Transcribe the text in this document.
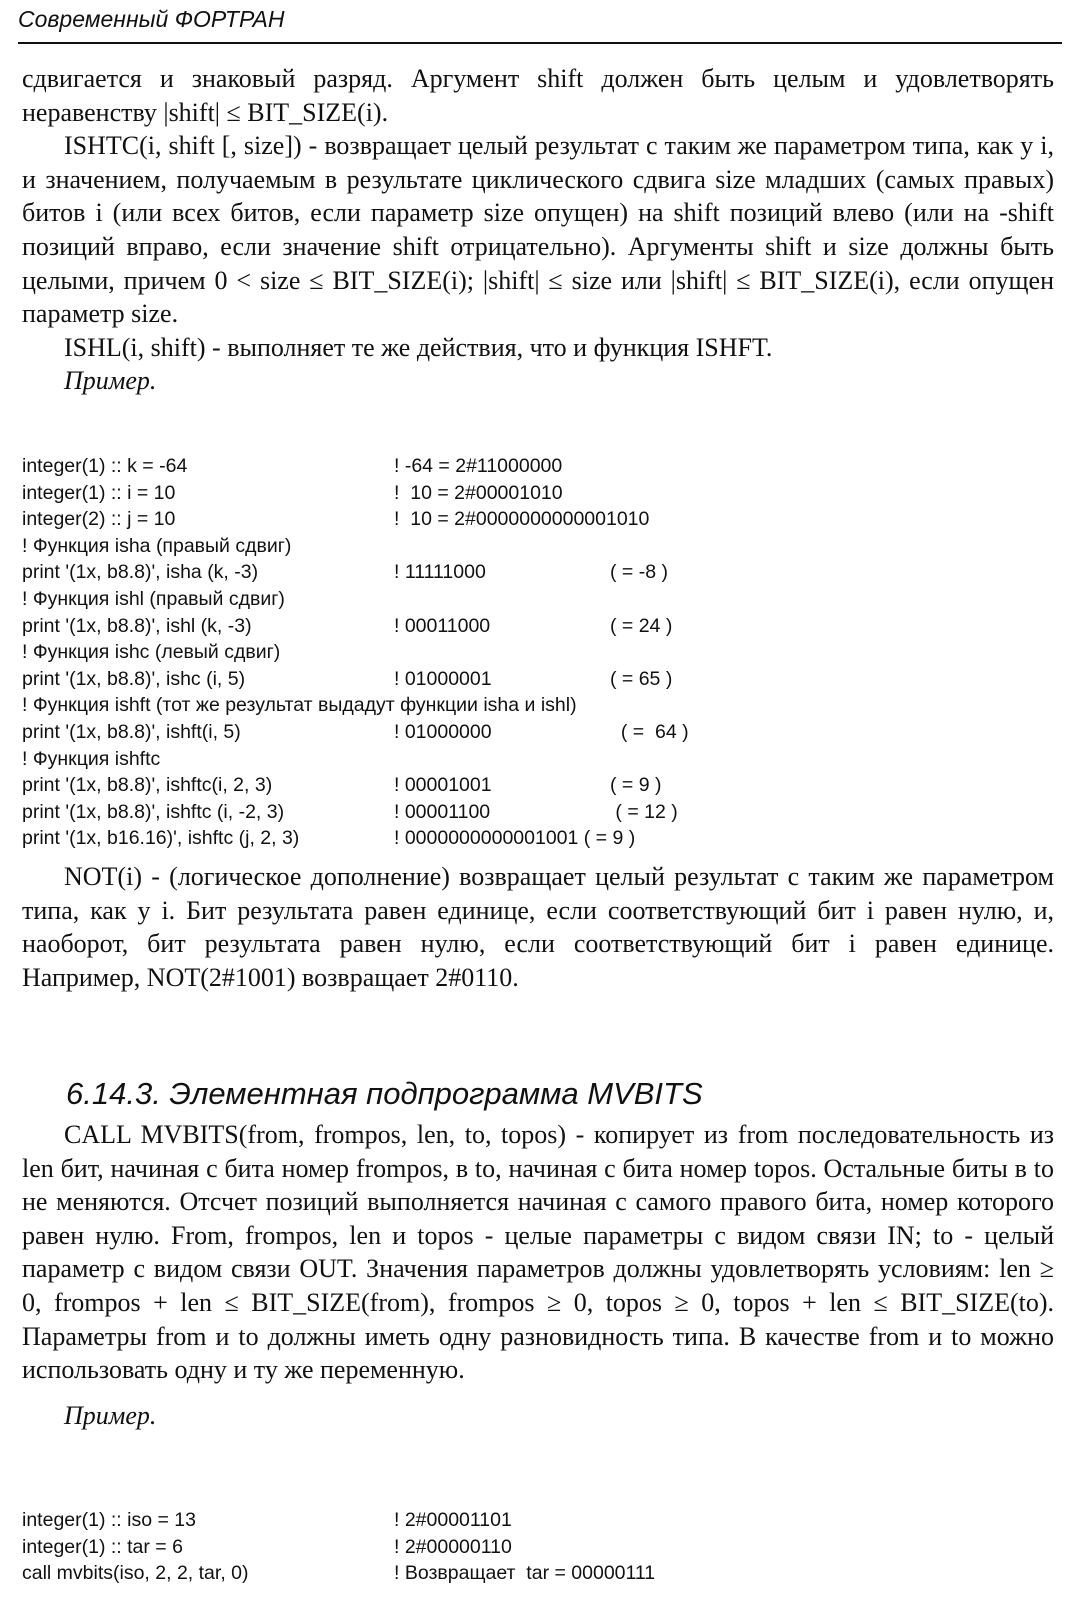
Современный ФОРТРАН

сдвигается и знаковый разряд. Аргумент shift должен быть целым и удовлетворять неравенству |shift| ≤ BIT_SIZE(i).

ISHTC(i, shift [, size]) - возвращает целый результат с таким же параметром типа, как у i, и значением, получаемым в результате циклического сдвига size младших (самых правых) битов i (или всех битов, если параметр size опущен) на shift позиций влево (или на -shift позиций вправо, если значение shift отрицательно). Аргументы shift и size должны быть целыми, причем 0 < size ≤ BIT_SIZE(i); |shift| ≤ size или |shift| ≤ BIT_SIZE(i), если опущен параметр size.

ISHL(i, shift) - выполняет те же действия, что и функция ISHFT.

Пример.

integer(1) :: k = -64	! -64 = 2#11000000
integer(1) :: i = 10	!  10 = 2#00001010
integer(2) :: j = 10	!  10 = 2#0000000000001010
! Функция isha (правый сдвиг)
print '(1x, b8.8)', isha (k, -3)	! 11111000	( = -8 )
! Функция ishl (правый сдвиг)
print '(1x, b8.8)', ishl (k, -3)	! 00011000	( = 24 )
! Функция ishc (левый сдвиг)
print '(1x, b8.8)', ishc (i, 5)	! 01000001	( = 65 )
! Функция ishft (тот же результат выдадут функции isha и ishl)
print '(1x, b8.8)', ishft(i, 5)	! 01000000	( =  64 )
! Функция ishftc
print '(1x, b8.8)', ishftc(i, 2, 3)	! 00001001	( = 9 )
print '(1x, b8.8)', ishftc (i, -2, 3)	! 00001100	( = 12 )
print '(1x, b16.16)', ishftc (j, 2, 3)	! 0000000000001001 ( = 9 )

NOT(i) - (логическое дополнение) возвращает целый результат с таким же параметром типа, как у i. Бит результата равен единице, если соответствующий бит i равен нулю, и, наоборот, бит результата равен нулю, если соответствующий бит i равен единице. Например, NOT(2#1001) возвращает 2#0110.

6.14.3. Элементная подпрограмма MVBITS

CALL MVBITS(from, frompos, len, to, topos) - копирует из from последовательность из len бит, начиная с бита номер frompos, в to, начиная с бита номер topos. Остальные биты в to не меняются. Отсчет позиций выполняется начиная с самого правого бита, номер которого равен нулю. From, frompos, len и topos - целые параметры с видом связи IN; to - целый параметр с видом связи OUT. Значения параметров должны удовлетворять условиям: len ≥ 0, frompos + len ≤ BIT_SIZE(from), frompos ≥ 0, topos ≥ 0, topos + len ≤ BIT_SIZE(to). Параметры from и to должны иметь одну разновидность типа. В качестве from и to можно использовать одну и ту же переменную.

Пример.

integer(1) :: iso = 13	! 2#00001101
integer(1) :: tar = 6	! 2#00000110
call mvbits(iso, 2, 2, tar, 0)	! Возвращает  tar = 00000111
